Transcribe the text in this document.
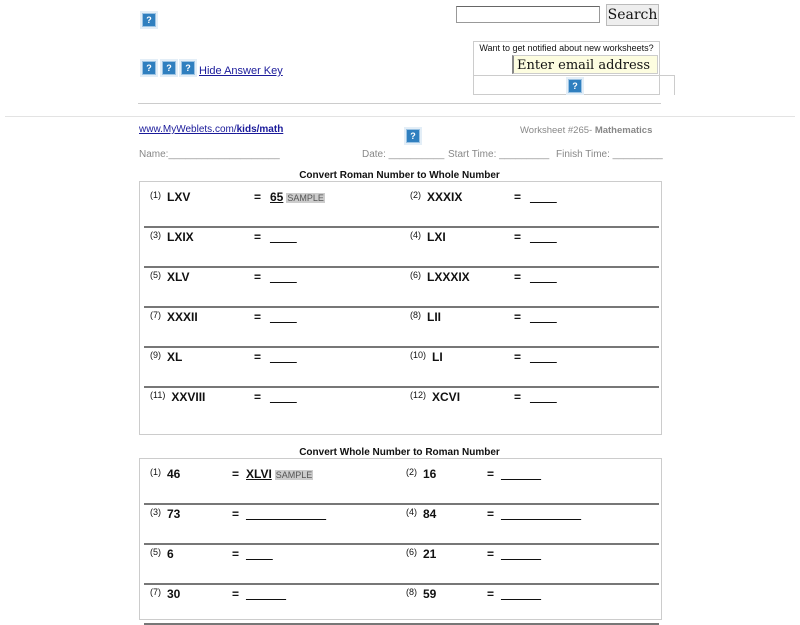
?	Search
?	?	? Hide Answer Key
Want to get notified about new worksheets?
Enter email address
?
www.MyWeblets.com/kids/math
?	Worksheet #265- Mathematics
Name:____________________	Date: __________ Start Time: _________ Finish Time: _________
Convert Roman Number to Whole Number
$^{(1)}$ LXV	= 65 SAMPLE	$^{(2)}$ XXXIX	= ____
$^{(3)}$ LXIX	= ____	$^{(4)}$ LXI	= ____
$^{(5)}$ XLV	= ____	$^{(6)}$ LXXXIX	= ____
$^{(7)}$ XXXII	= ____	$^{(8)}$ LII	= ____
$^{(9)}$ XL	= ____	$^{(10)}$ LI	= ____
$^{(11)}$ XXVIII	= ____	$^{(12)}$ XCVI	= ____
Convert Whole Number to Roman Number
$^{(1)}$ 46	= XLVI SAMPLE	$^{(2)}$ 16	= ______
$^{(3)}$ 73	= ____________	$^{(4)}$ 84	= ____________
$^{(5)}$ 6	= ____	$^{(6)}$ 21	= ______
$^{(7)}$ 30	= ______	$^{(8)}$ 59	= ______
